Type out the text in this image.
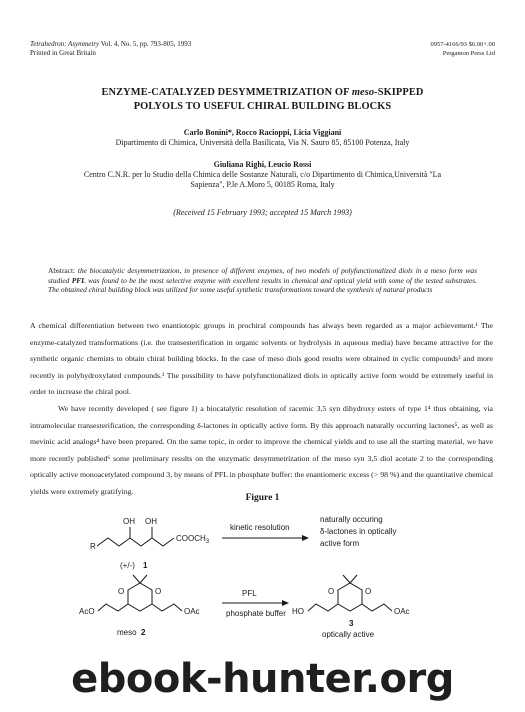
Tetrahedron: Asymmetry Vol. 4, No. 5, pp. 793-805, 1993
Printed in Great Britain
0957-4166/93 $6.00+.00
Pergamon Press Ltd
ENZYME-CATALYZED DESYMMETRIZATION OF meso-SKIPPED
POLYOLS TO USEFUL CHIRAL BUILDING BLOCKS
Carlo Bonini*, Rocco Racioppi, Licia Viggiani
Dipartimento di Chimica, Università della Basilicata, Via N. Sauro 85, 85100 Potenza, Italy
Giuliana Righi, Leucio Rossi
Centro C.N.R. per lo Studio della Chimica delle Sostanze Naturali, c/o Dipartimento di Chimica,Università "La
Sapienza", P.le A.Moro 5, 00185 Roma, Italy
(Received 15 February 1993; accepted 15 March 1993)
Abstract: the biocatalytic desymmetrization, in presence of different enzymes, of two models of polyfunctionalized diols in a meso form was studied PFL was found to be the most selective enzyme with excellent results in chemical and optical yield with some of the tested substrates. The obtained chiral building block was utilized for some useful synthetic transformations toward the synthesis of natural products
A chemical differentiation between two enantiotopic groups in prochiral compounds has always been regarded as a major achievement.¹ The enzyme-catalyzed transformations (i.e. the transesterification in organic solvents or hydrolysis in aqueous media) have became attractive for the synthetic organic chemists to obtain chiral building blocks. In the case of meso diols good results were obtained in cyclic compounds² and more recently in polyhydroxylated compounds.³ The possibility to have polyfunctionalized diols in optically active form would be extremely useful in order to increase the chiral pool.
We have recently developed ( see figure 1) a biocatalytic resolution of racemic 3,5 syn dihydroxy esters of type 1⁴ thus obtaining, via intramolecular transesterification, the corresponding δ-lactones in optically active form. By this approach naturally occurring lactones⁵, as well as mevinic acid analogs⁴ have been prepared. On the same topic, in order to improve the chemical yields and to use all the starting material, we have more recently published⁶ some preliminary results on the enzymatic desymmetrization of the meso syn 3,5 diol acetate 2 to the corresponding optically active monoacetylated compound 3, by means of PFL in phosphate buffer: the enantiomeric excess (> 98 %) and the quantitative chemical yields were extremely gratifying.
Figure 1
OH OH
$COOCH_3$
R
(+/-) 1
kinetic resolution
naturally occuring
δ-lactones in optically
active form
O	O
AcO	OAc
meso 2
PFL
phosphate buffer
O	O
HO	OAc
3
optically active
ebook-hunter.org
